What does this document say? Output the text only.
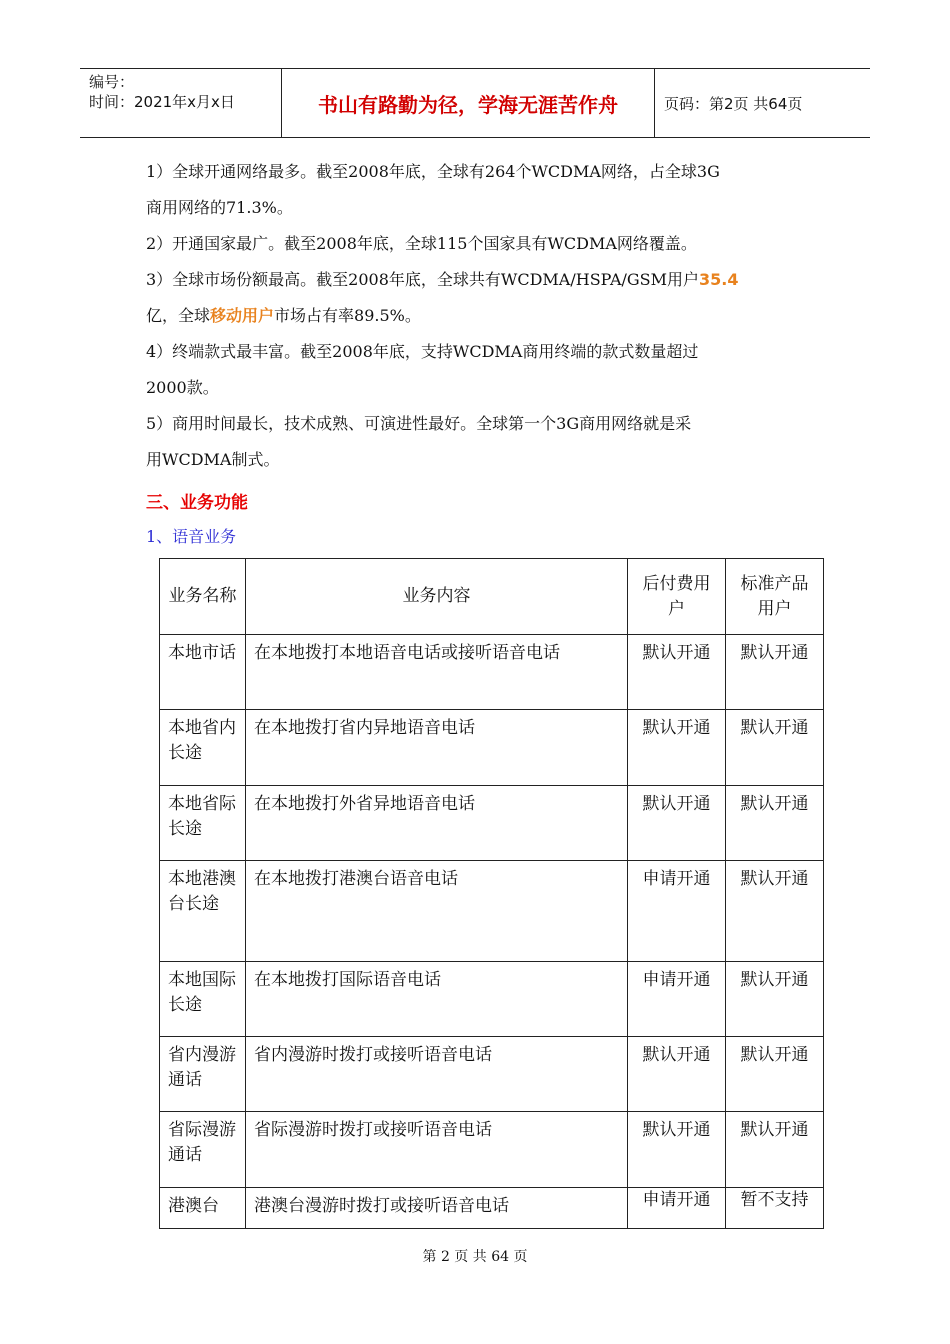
编号：
时间：2021年x月x日	书山有路勤为径，学海无涯苦作舟	页码：第2页 共64页

1）全球开通网络最多。截至2008年底，全球有264个WCDMA网络，占全球3G

商用网络的71.3%。

2）开通国家最广。截至2008年底，全球115个国家具有WCDMA网络覆盖。

3）全球市场份额最高。截至2008年底，全球共有WCDMA/HSPA/GSM用户35.4

亿，全球移动用户市场占有率89.5%。

4）终端款式最丰富。截至2008年底，支持WCDMA商用终端的款式数量超过

2000款。

5）商用时间最长，技术成熟、可演进性最好。全球第一个3G商用网络就是采

用WCDMA制式。

三、业务功能
1、语音业务
业务名称	业务内容	后付费用户	标准产品用户
本地市话	在本地拨打本地语音电话或接听语音电话	默认开通	默认开通
本地省内长途	在本地拨打省内异地语音电话	默认开通	默认开通
本地省际长途	在本地拨打外省异地语音电话	默认开通	默认开通
本地港澳台长途	在本地拨打港澳台语音电话	申请开通	默认开通
本地国际长途	在本地拨打国际语音电话	申请开通	默认开通
省内漫游通话	省内漫游时拨打或接听语音电话	默认开通	默认开通
省际漫游通话	省际漫游时拨打或接听语音电话	默认开通	默认开通
港澳台	港澳台漫游时拨打或接听语音电话	申请开通	暂不支持
第 2 页 共 64 页
